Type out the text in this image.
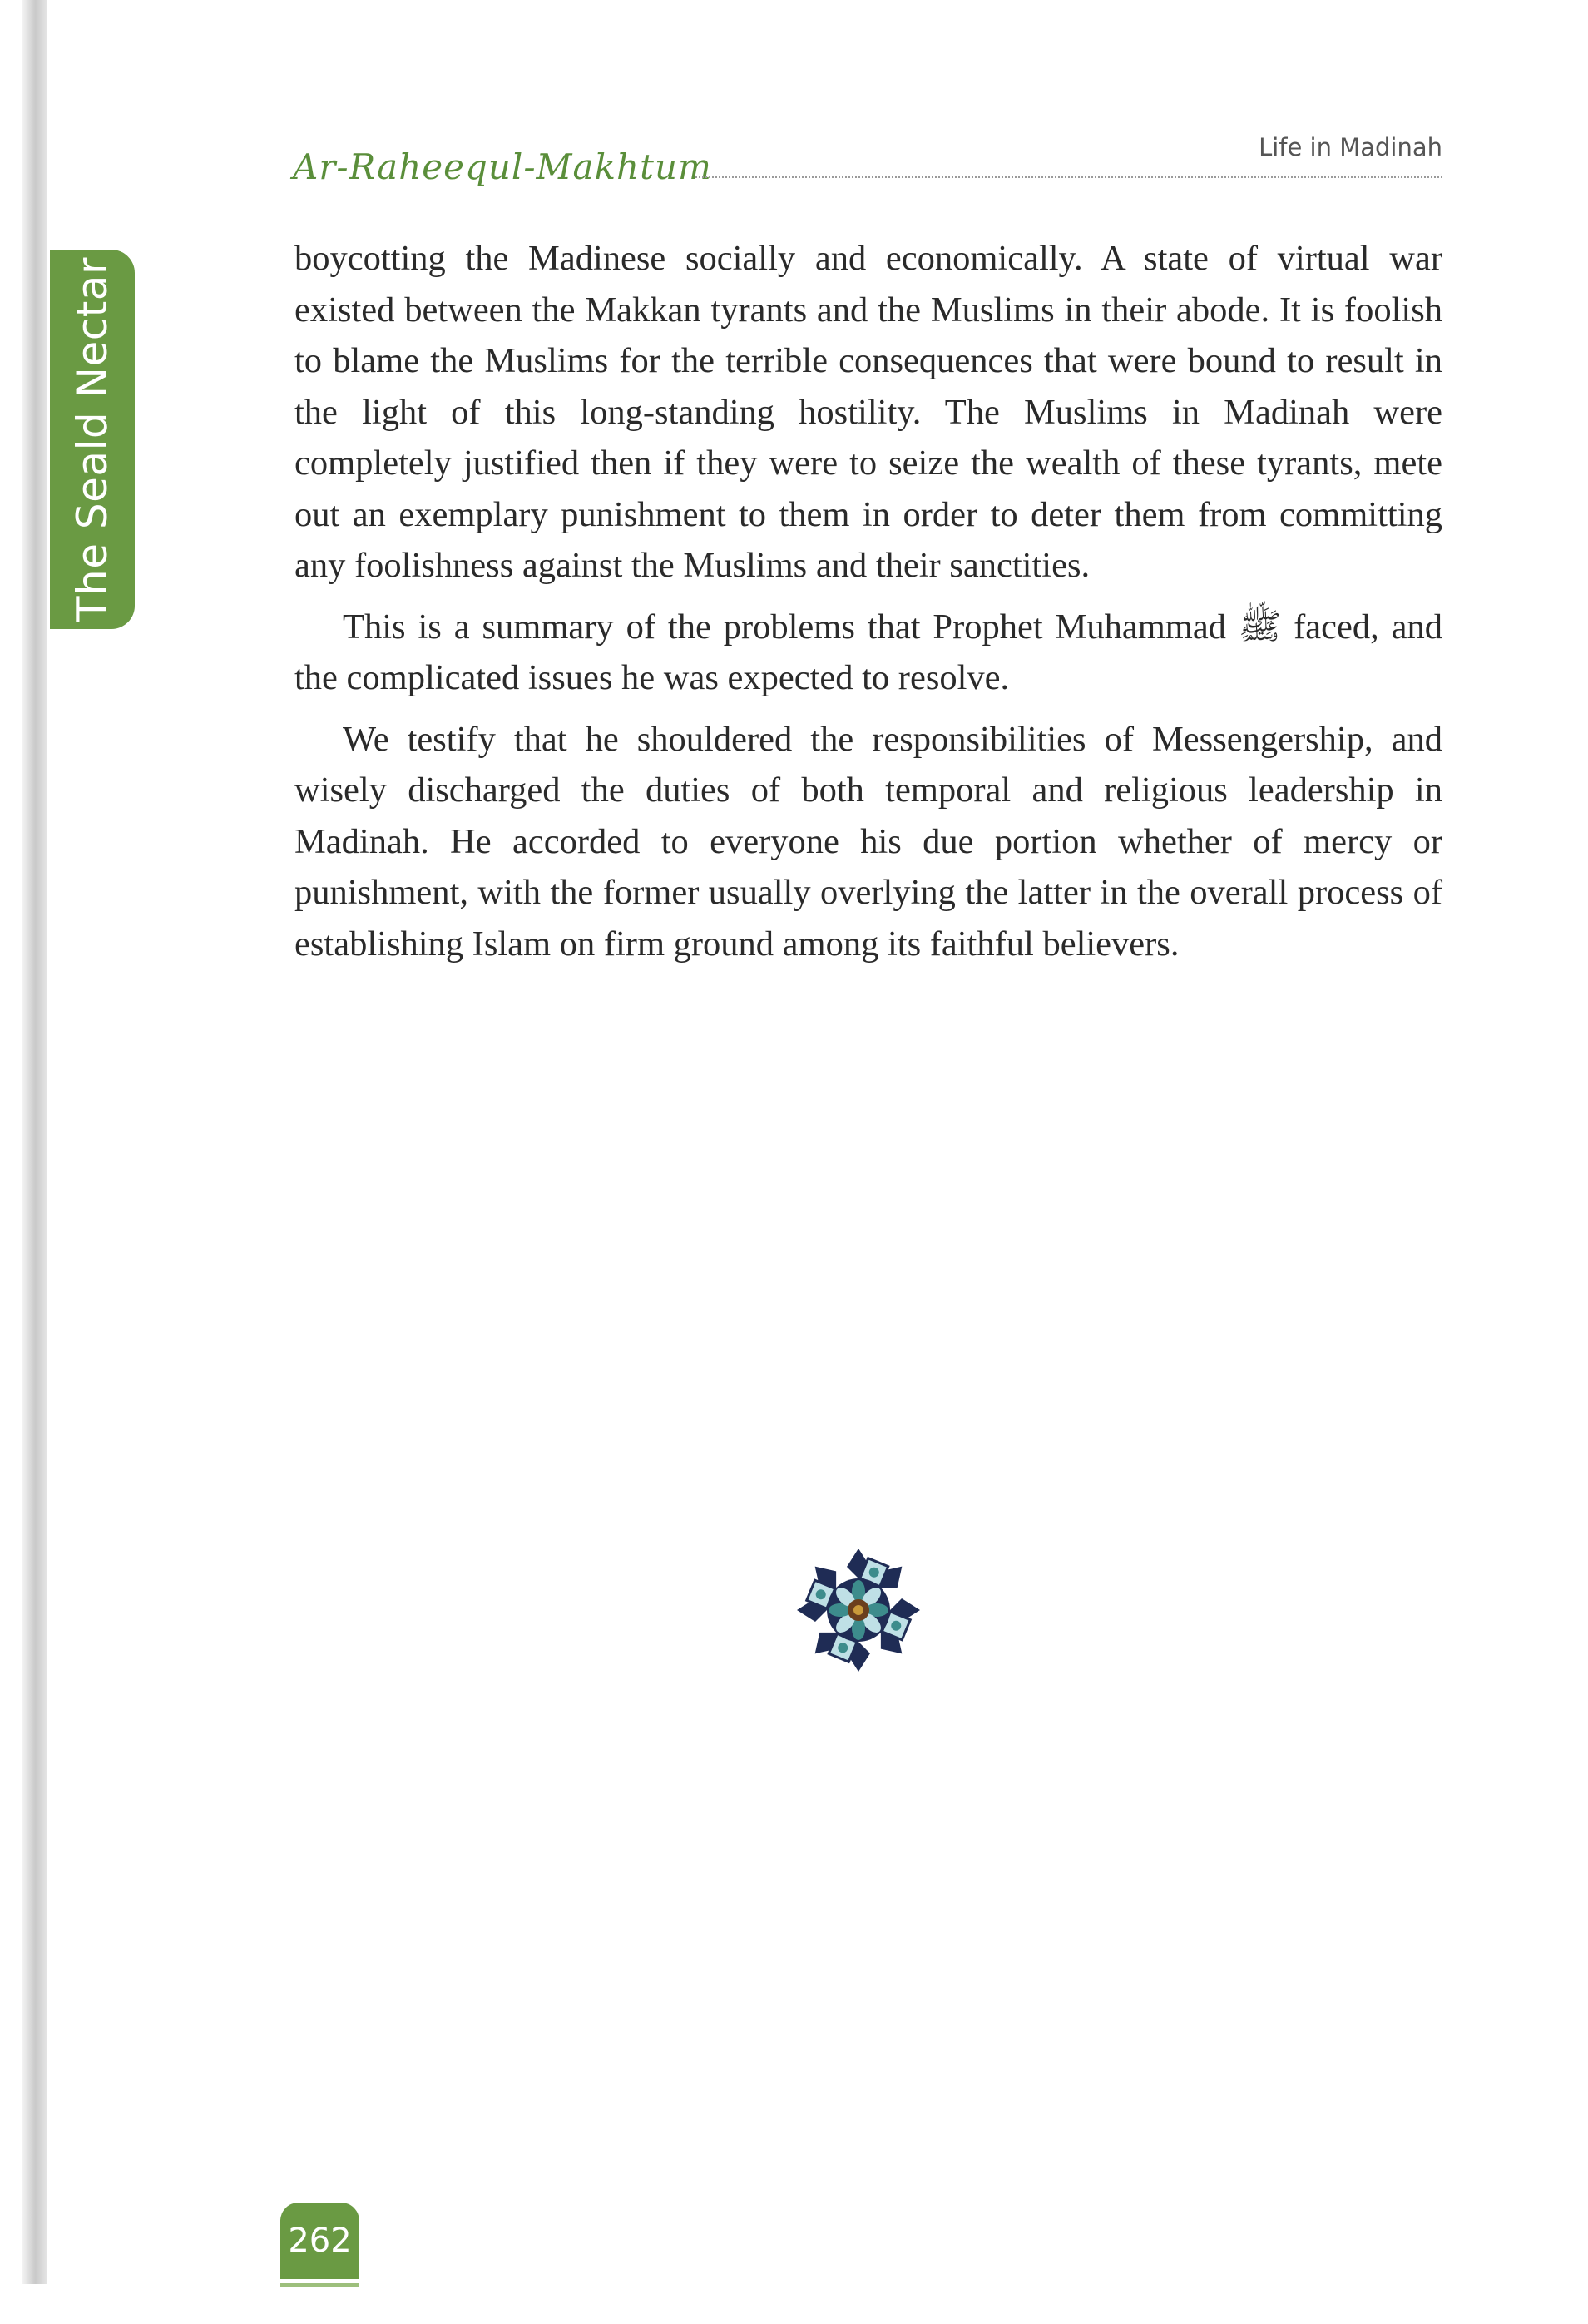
The Seald Nectar
Ar-Raheequl-Makhtum	Life in Madinah

boycotting the Madinese socially and economically. A state of virtual war existed between the Makkan tyrants and the Muslims in their abode. It is foolish to blame the Muslims for the terrible consequences that were bound to result in the light of this long-standing hostility. The Muslims in Madinah were completely justified then if they were to seize the wealth of these tyrants, mete out an exemplary punishment to them in order to deter them from committing any foolishness against the Muslims and their sanctities.

This is a summary of the problems that Prophet Muhammad ﷺ faced, and the complicated issues he was expected to resolve.

We testify that he shouldered the responsibilities of Messengership, and wisely discharged the duties of both temporal and religious leadership in Madinah. He accorded to everyone his due portion whether of mercy or punishment, with the former usually overlying the latter in the overall process of establishing Islam on firm ground among its faithful believers.

262
